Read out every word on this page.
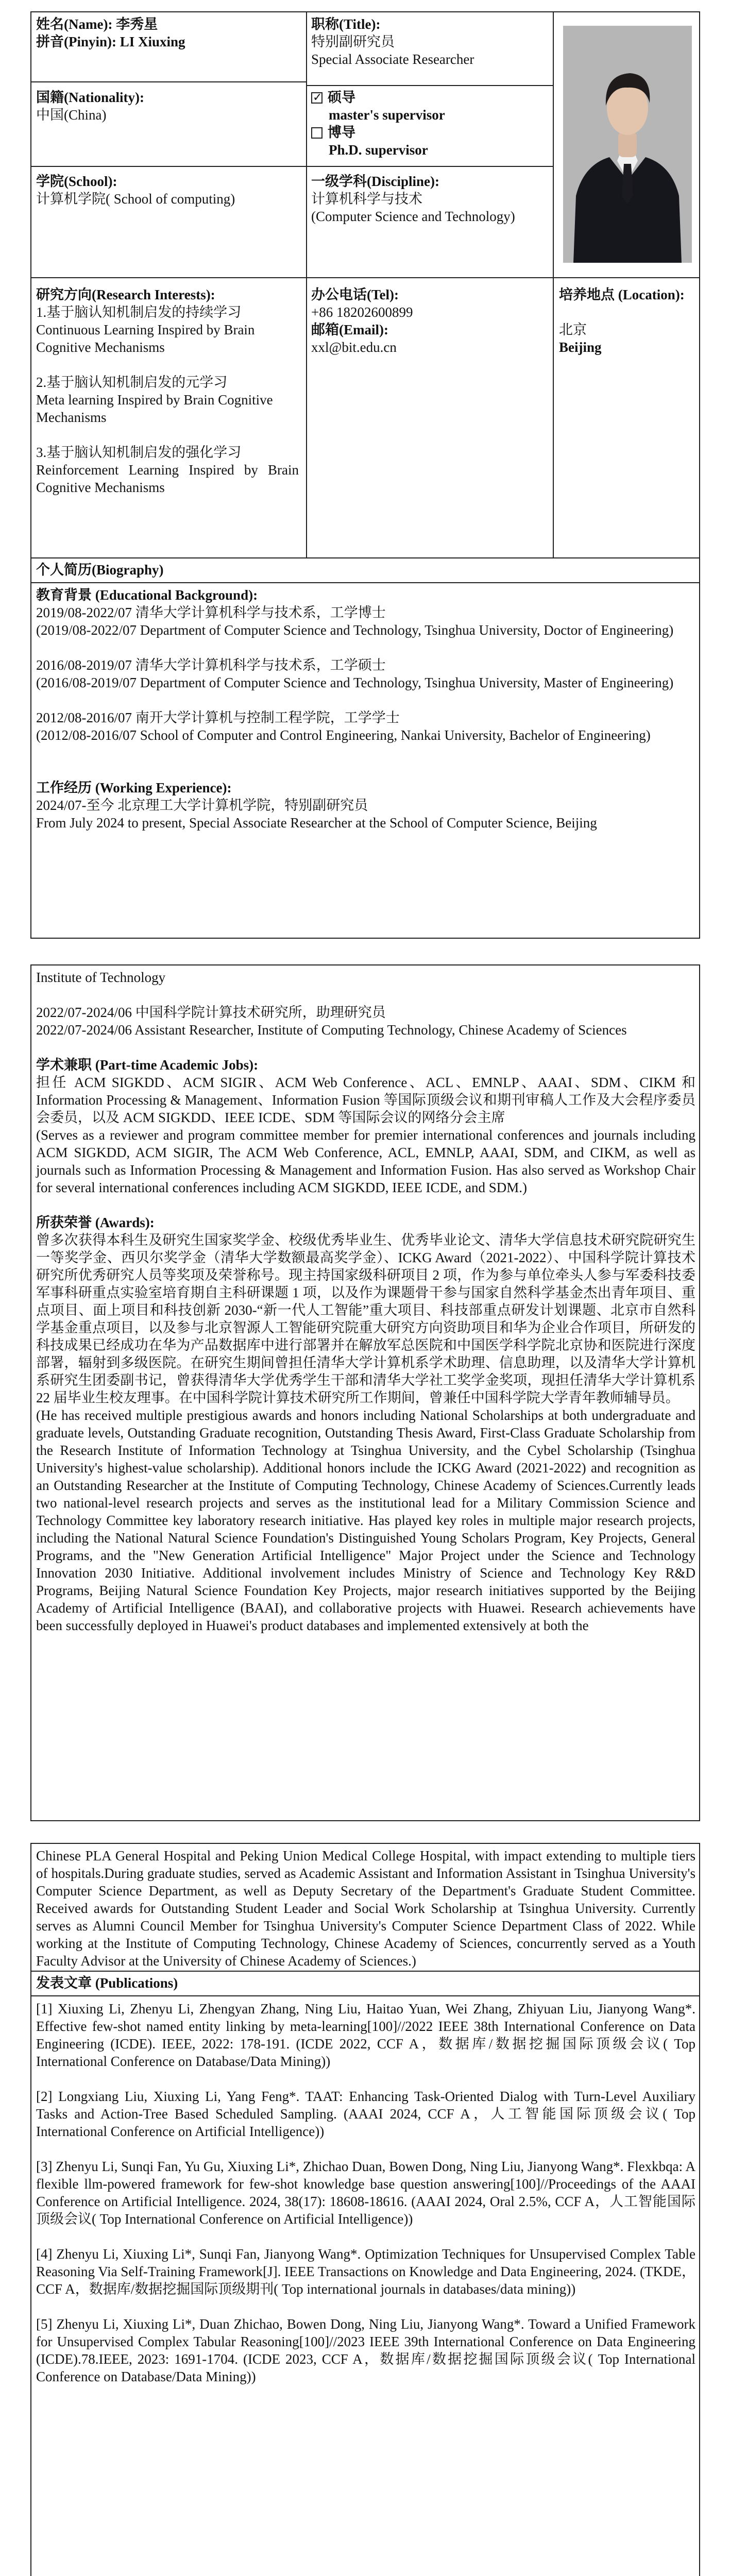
姓名(Name): 李秀星
拼音(Pinyin): LI Xiuxing
职称(Title):
特别副研究员
Special Associate Researcher
国籍(Nationality):
中国(China)
✓硕导
master's supervisor
博导
Ph.D. supervisor
学院(School):
计算机学院( School of computing)
一级学科(Discipline):
计算机科学与技术
(Computer Science and Technology)
研究方向(Research Interests):
1.基于脑认知机制启发的持续学习
Continuous Learning Inspired by Brain Cognitive Mechanisms
2.基于脑认知机制启发的元学习
Meta learning Inspired by Brain Cognitive Mechanisms
3.基于脑认知机制启发的强化学习
Reinforcement Learning Inspired by Brain Cognitive Mechanisms
办公电话(Tel):
+86 18202600899
邮箱(Email):
xxl@bit.edu.cn
培养地点 (Location):
北京
Beijing
个人简历(Biography)
教育背景 (Educational Background):
2019/08-2022/07 清华大学计算机科学与技术系，工学博士
(2019/08-2022/07 Department of Computer Science and Technology, Tsinghua University, Doctor of Engineering)
2016/08-2019/07 清华大学计算机科学与技术系，工学硕士
(2016/08-2019/07 Department of Computer Science and Technology, Tsinghua University, Master of Engineering)
2012/08-2016/07 南开大学计算机与控制工程学院，工学学士
(2012/08-2016/07 School of Computer and Control Engineering, Nankai University, Bachelor of Engineering)
工作经历 (Working Experience):
2024/07-至今 北京理工大学计算机学院，特别副研究员
From July 2024 to present, Special Associate Researcher at the School of Computer Science, Beijing
Institute of Technology
2022/07-2024/06 中国科学院计算技术研究所，助理研究员
2022/07-2024/06 Assistant Researcher, Institute of Computing Technology, Chinese Academy of Sciences
学术兼职 (Part-time Academic Jobs):
担任 ACM SIGKDD、ACM SIGIR、ACM Web Conference、ACL、EMNLP、AAAI、SDM、CIKM 和 Information Processing & Management、Information Fusion 等国际顶级会议和期刊审稿人工作及大会程序委员会委员，以及 ACM SIGKDD、IEEE ICDE、SDM 等国际会议的网络分会主席
(Serves as a reviewer and program committee member for premier international conferences and journals including ACM SIGKDD, ACM SIGIR, The ACM Web Conference, ACL, EMNLP, AAAI, SDM, and CIKM, as well as journals such as Information Processing & Management and Information Fusion. Has also served as Workshop Chair for several international conferences including ACM SIGKDD, IEEE ICDE, and SDM.)
所获荣誉 (Awards):
曾多次获得本科生及研究生国家奖学金、校级优秀毕业生、优秀毕业论文、清华大学信息技术研究院研究生一等奖学金、西贝尔奖学金（清华大学数额最高奖学金）、ICKG Award（2021-2022）、中国科学院计算技术研究所优秀研究人员等奖项及荣誉称号。现主持国家级科研项目 2 项，作为参与单位牵头人参与军委科技委军事科研重点实验室培育期自主科研课题 1 项，以及作为课题骨干参与国家自然科学基金杰出青年项目、重点项目、面上项目和科技创新 2030-“新一代人工智能”重大项目、科技部重点研发计划课题、北京市自然科学基金重点项目，以及参与北京智源人工智能研究院重大研究方向资助项目和华为企业合作项目，所研发的科技成果已经成功在华为产品数据库中进行部署并在解放军总医院和中国医学科学院北京协和医院进行深度部署，辐射到多级医院。在研究生期间曾担任清华大学计算机系学术助理、信息助理，以及清华大学计算机系研究生团委副书记，曾获得清华大学优秀学生干部和清华大学社工奖学金奖项，现担任清华大学计算机系 22 届毕业生校友理事。在中国科学院计算技术研究所工作期间，曾兼任中国科学院大学青年教师辅导员。
(He has received multiple prestigious awards and honors including National Scholarships at both undergraduate and graduate levels, Outstanding Graduate recognition, Outstanding Thesis Award, First-Class Graduate Scholarship from the Research Institute of Information Technology at Tsinghua University, and the Cybel Scholarship (Tsinghua University's highest-value scholarship). Additional honors include the ICKG Award (2021-2022) and recognition as an Outstanding Researcher at the Institute of Computing Technology, Chinese Academy of Sciences.Currently leads two national-level research projects and serves as the institutional lead for a Military Commission Science and Technology Committee key laboratory research initiative. Has played key roles in multiple major research projects, including the National Natural Science Foundation's Distinguished Young Scholars Program, Key Projects, General Programs, and the "New Generation Artificial Intelligence" Major Project under the Science and Technology Innovation 2030 Initiative. Additional involvement includes Ministry of Science and Technology Key R&D Programs, Beijing Natural Science Foundation Key Projects, major research initiatives supported by the Beijing Academy of Artificial Intelligence (BAAI), and collaborative projects with Huawei. Research achievements have been successfully deployed in Huawei's product databases and implemented extensively at both the
Chinese PLA General Hospital and Peking Union Medical College Hospital, with impact extending to multiple tiers of hospitals.During graduate studies, served as Academic Assistant and Information Assistant in Tsinghua University's Computer Science Department, as well as Deputy Secretary of the Department's Graduate Student Committee. Received awards for Outstanding Student Leader and Social Work Scholarship at Tsinghua University. Currently serves as Alumni Council Member for Tsinghua University's Computer Science Department Class of 2022. While working at the Institute of Computing Technology, Chinese Academy of Sciences, concurrently served as a Youth Faculty Advisor at the University of Chinese Academy of Sciences.)
发表文章 (Publications)

[1] Xiuxing Li, Zhenyu Li, Zhengyan Zhang, Ning Liu, Haitao Yuan, Wei Zhang, Zhiyuan Liu, Jianyong Wang*. Effective few-shot named entity linking by meta-learning[100]//2022 IEEE 38th International Conference on Data Engineering (ICDE). IEEE, 2022: 178-191. (ICDE 2022, CCF A，数据库/数据挖掘国际顶级会议( Top International Conference on Database/Data Mining))

[2] Longxiang Liu, Xiuxing Li, Yang Feng*. TAAT: Enhancing Task-Oriented Dialog with Turn-Level Auxiliary Tasks and Action-Tree Based Scheduled Sampling. (AAAI 2024, CCF A，人工智能国际顶级会议( Top International Conference on Artificial Intelligence))

[3] Zhenyu Li, Sunqi Fan, Yu Gu, Xiuxing Li*, Zhichao Duan, Bowen Dong, Ning Liu, Jianyong Wang*. Flexkbqa: A flexible llm-powered framework for few-shot knowledge base question answering[100]//Proceedings of the AAAI Conference on Artificial Intelligence. 2024, 38(17): 18608-18616. (AAAI 2024, Oral 2.5%, CCF A，人工智能国际顶级会议( Top International Conference on Artificial Intelligence))

[4] Zhenyu Li, Xiuxing Li*, Sunqi Fan, Jianyong Wang*. Optimization Techniques for Unsupervised Complex Table Reasoning Via Self-Training Framework[J]. IEEE Transactions on Knowledge and Data Engineering, 2024. (TKDE，CCF A，数据库/数据挖掘国际顶级期刊( Top international journals in databases/data mining))

[5] Zhenyu Li, Xiuxing Li*, Duan Zhichao, Bowen Dong, Ning Liu, Jianyong Wang*. Toward a Unified Framework for Unsupervised Complex Tabular Reasoning[100]//2023 IEEE 39th International Conference on Data Engineering (ICDE).78.IEEE, 2023: 1691-1704. (ICDE 2023, CCF A，数据库/数据挖掘国际顶级会议( Top International Conference on Database/Data Mining))
